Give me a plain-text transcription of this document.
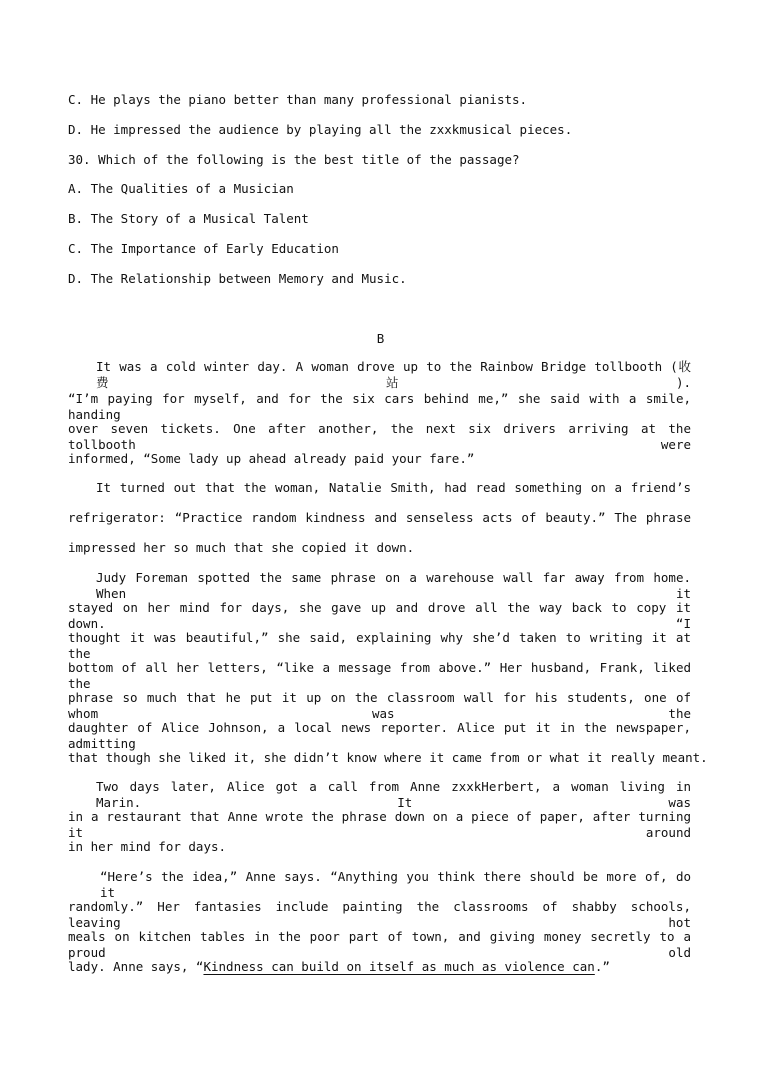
C. He plays the piano better than many professional pianists.
D. He impressed the audience by playing all the zxxkmusical pieces.
30. Which of the following is the best title of the passage?
A. The Qualities of a Musician
B. The Story of a Musical Talent
C. The Importance of Early Education
D. The Relationship between Memory and Music.
B
It was a cold winter day. A woman drove up to the Rainbow Bridge tollbooth (收费站).
“I’m paying for myself, and for the six cars behind me,” she said with a smile, handing
over seven tickets. One after another, the next six drivers arriving at the tollbooth were
informed, “Some lady up ahead already paid your fare.”
It turned out that the woman, Natalie Smith, had read something on a friend’s
refrigerator: “Practice random kindness and senseless acts of beauty.” The phrase
impressed her so much that she copied it down.
Judy Foreman spotted the same phrase on a warehouse wall far away from home. When it
stayed on her mind for days, she gave up and drove all the way back to copy it down. “I
thought it was beautiful,” she said, explaining why she’d taken to writing it at the
bottom of all her letters, “like a message from above.” Her husband, Frank, liked the
phrase so much that he put it up on the classroom wall for his students, one of whom was the
daughter of Alice Johnson, a local news reporter. Alice put it in the newspaper, admitting
that though she liked it, she didn’t know where it came from or what it really meant.
Two days later, Alice got a call from Anne zxxkHerbert, a woman living in Marin. It was
in a restaurant that Anne wrote the phrase down on a piece of paper, after turning it around
in her mind for days.
“Here’s the idea,” Anne says. “Anything you think there should be more of, do it
randomly.” Her fantasies include painting the classrooms of shabby schools, leaving hot
meals on kitchen tables in the poor part of town, and giving money secretly to a proud old
lady. Anne says, “Kindness can build on itself as much as violence can.”
